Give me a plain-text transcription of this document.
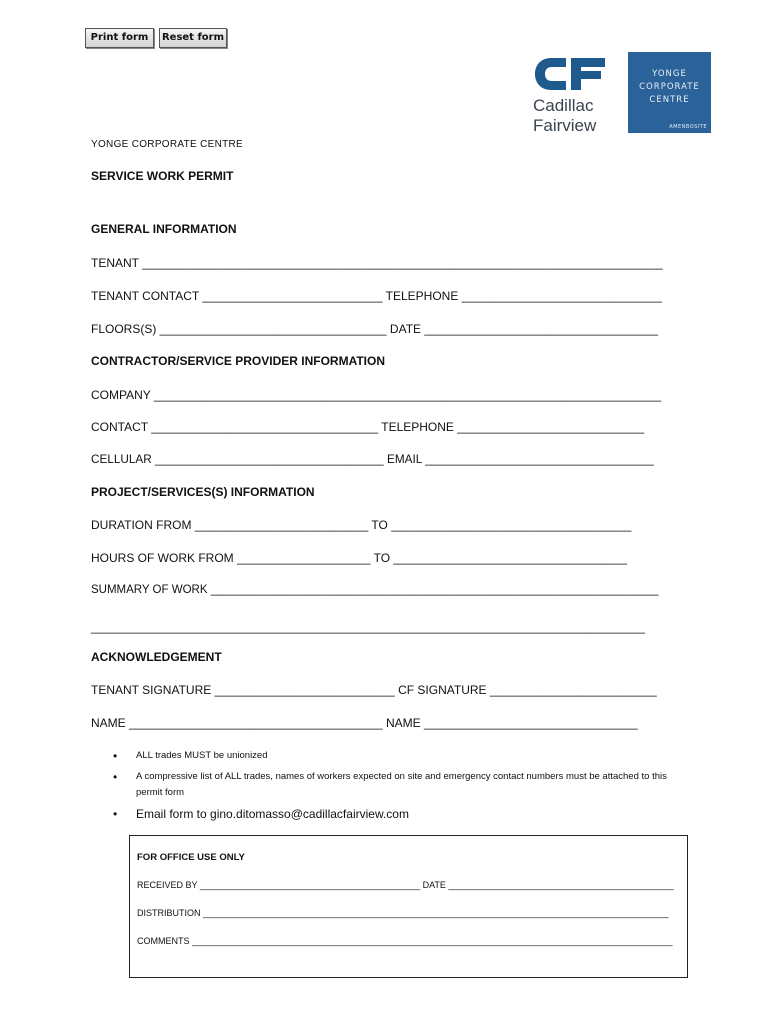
Print form	Reset form
Cadillac
Fairview
YONGE
CORPORATE
CENTRE
AMENBOSITE
YONGE CORPORATE CENTRE
SERVICE WORK PERMIT
GENERAL INFORMATION
TENANT ______________________________________________________________________________
TENANT CONTACT ___________________________ TELEPHONE ______________________________
FLOORS(S) __________________________________ DATE ___________________________________
CONTRACTOR/SERVICE PROVIDER INFORMATION
COMPANY ____________________________________________________________________________
CONTACT __________________________________ TELEPHONE ____________________________
CELLULAR ___________________________________ EMAIL ___________________________________
PROJECT/SERVICES(S) INFORMATION
DURATION FROM __________________________ TO ____________________________________
HOURS OF WORK FROM ____________________ TO ___________________________________
SUMMARY OF WORK ______________________________________________________________________
___________________________________________________________________________________
ACKNOWLEDGEMENT
TENANT SIGNATURE ___________________________ CF SIGNATURE _________________________
NAME ______________________________________ NAME ________________________________
• ALL trades MUST be unionized
• A compressive list of ALL trades, names of workers expected on site and emergency contact numbers must be attached to this permit form
• Email form to gino.ditomasso@cadillacfairview.com
FOR OFFICE USE ONLY
RECEIVED BY ____________________________________________ DATE _____________________________________________
DISTRIBUTION _____________________________________________________________________________________________
COMMENTS ________________________________________________________________________________________________
